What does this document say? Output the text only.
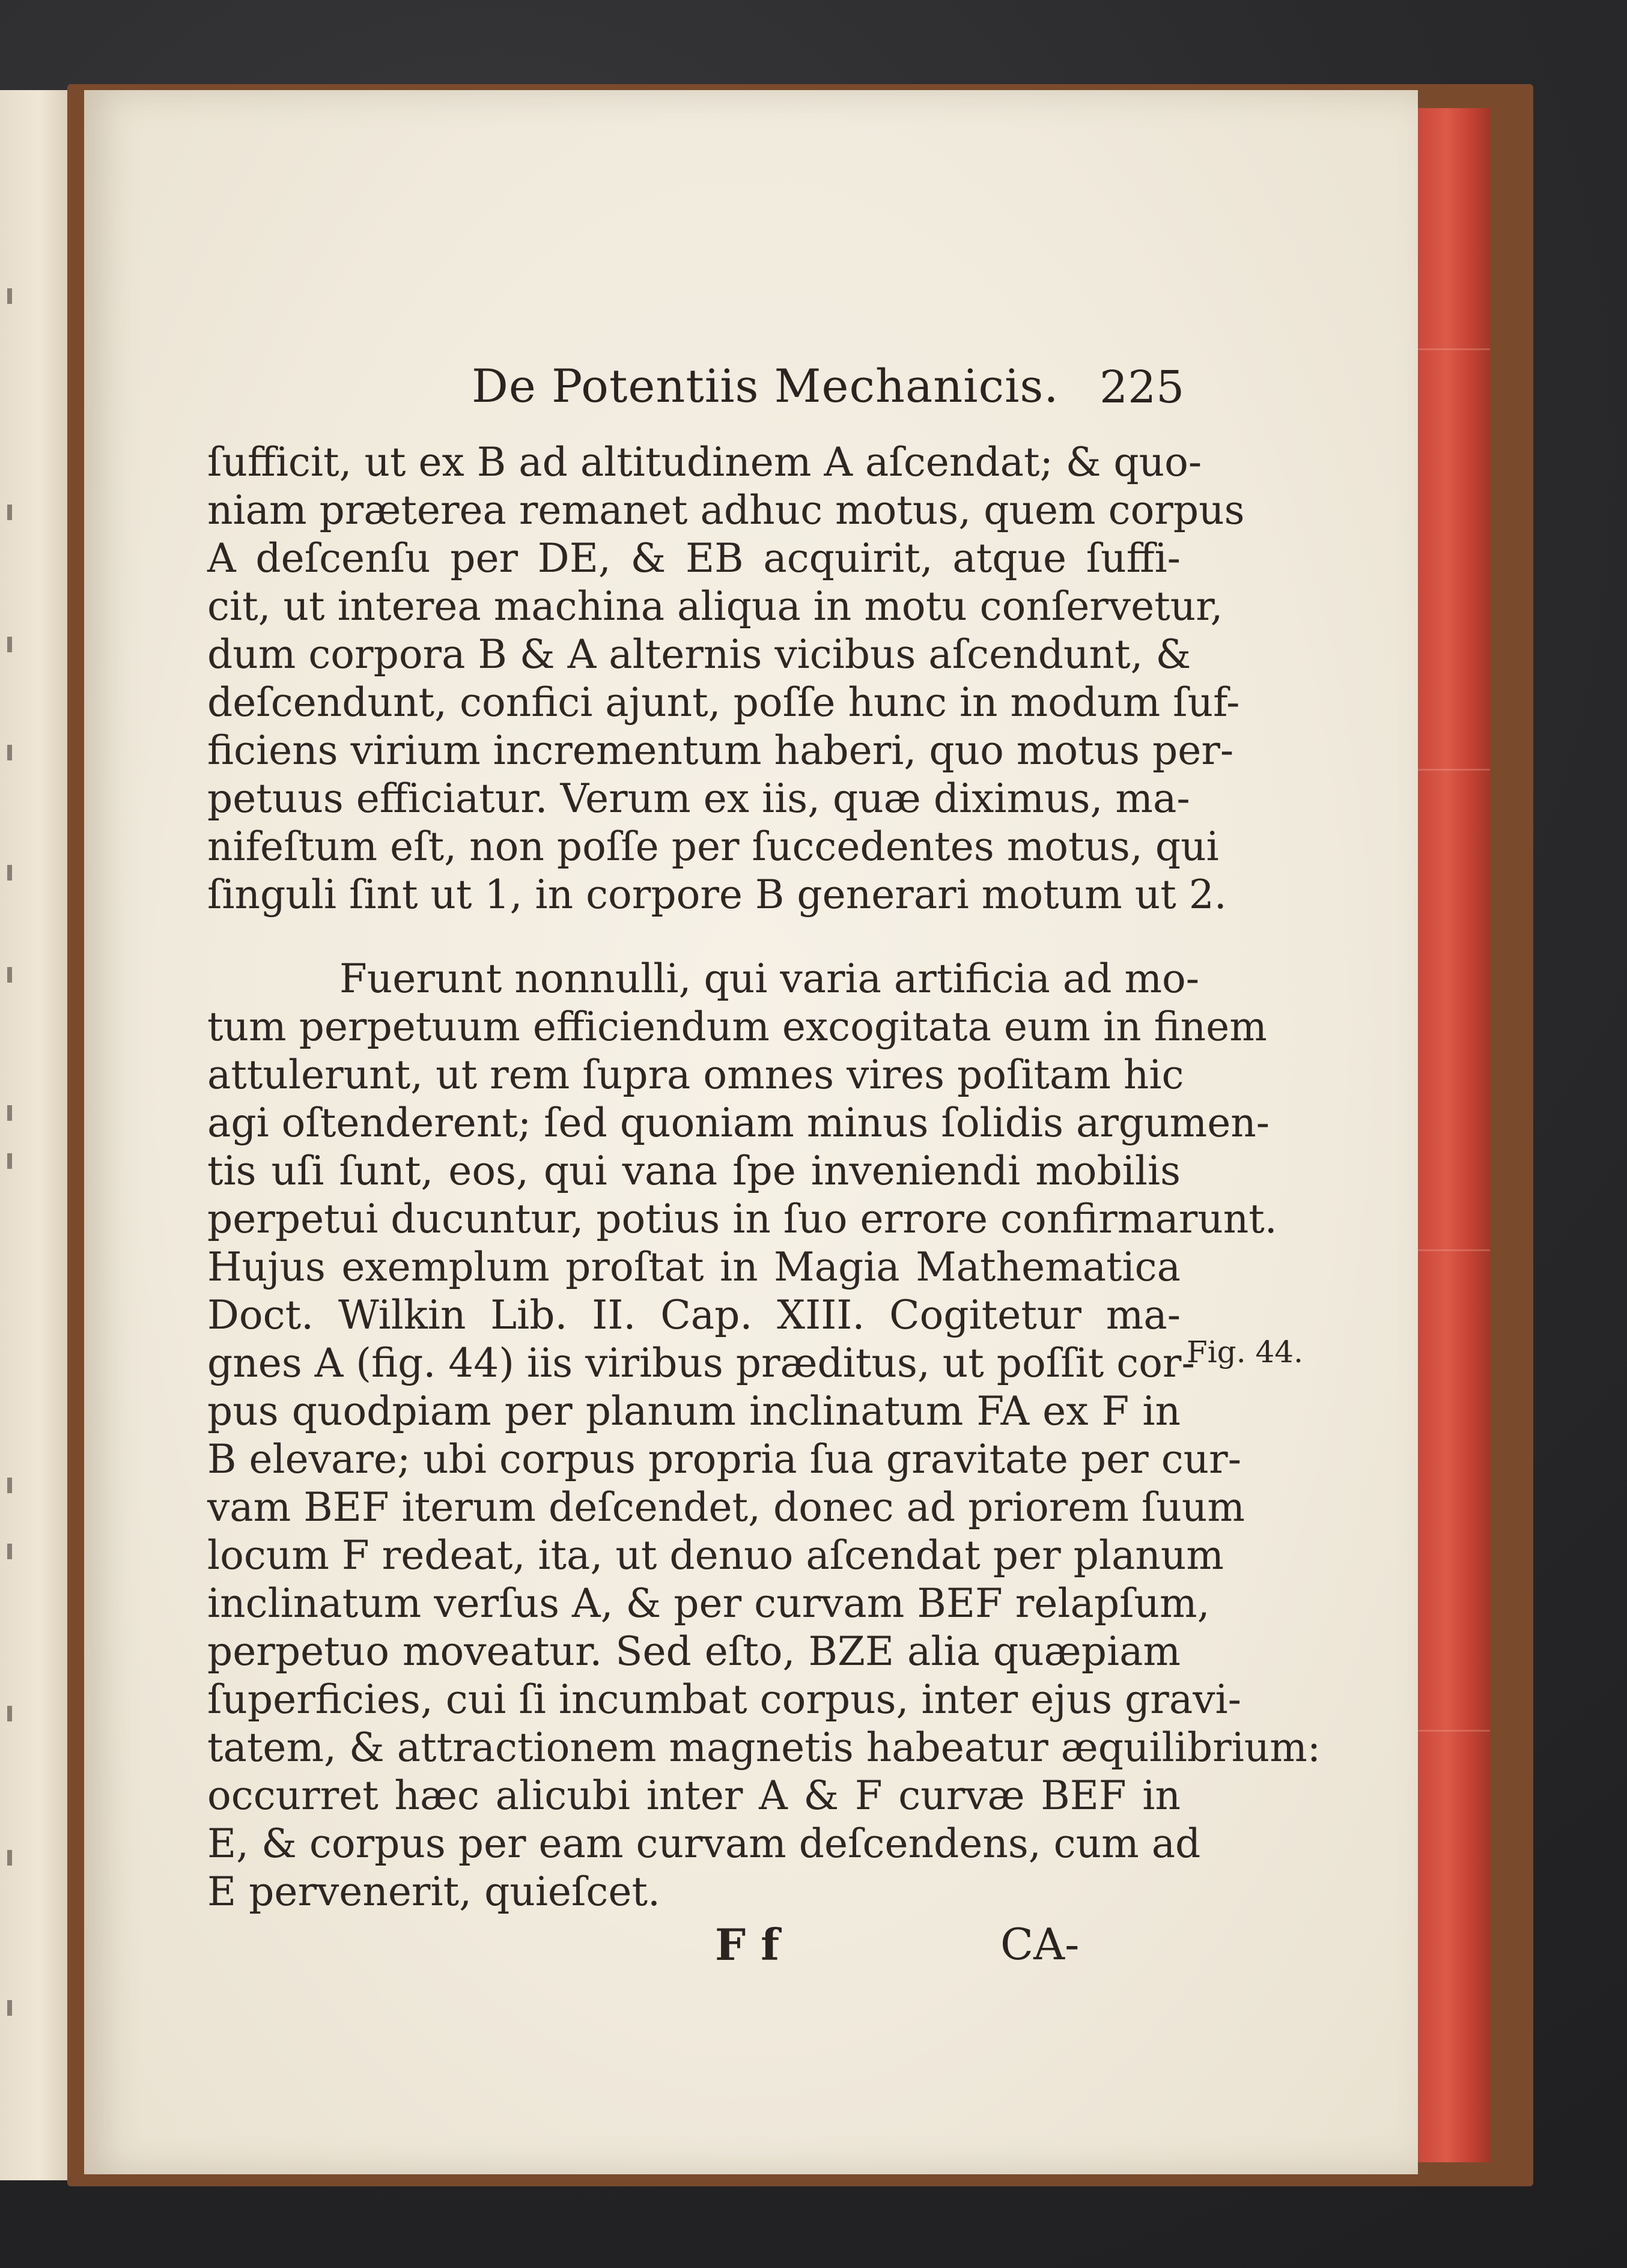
De Potentiis Mechanicis. 225
ſufficit, ut ex B ad altitudinem A aſcendat; & quo-
niam præterea remanet adhuc motus, quem corpus
A deſcenſu per DE, & EB acquirit, atque ſuffi-
cit, ut interea machina aliqua in motu conſervetur,
dum corpora B & A alternis vicibus aſcendunt, &
deſcendunt, confici ajunt, poſſe hunc in modum ſuf-
ficiens virium incrementum haberi, quo motus per-
petuus efficiatur. Verum ex iis, quæ diximus, ma-
nifeſtum eſt, non poſſe per ſuccedentes motus, qui
ſinguli ſint ut 1, in corpore B generari motum ut 2.
Fuerunt nonnulli, qui varia artificia ad mo-
tum perpetuum efficiendum excogitata eum in finem
attulerunt, ut rem ſupra omnes vires poſitam hic
agi oſtenderent; ſed quoniam minus ſolidis argumen-
tis uſi ſunt, eos, qui vana ſpe inveniendi mobilis
perpetui ducuntur, potius in ſuo errore confirmarunt.
Hujus exemplum proſtat in Magia Mathematica
Doct. Wilkin Lib. II. Cap. XIII. Cogitetur ma-
gnes A (fig. 44) iis viribus præditus, ut poſſit cor-
pus quodpiam per planum inclinatum FA ex F in
B elevare; ubi corpus propria ſua gravitate per cur-
vam BEF iterum deſcendet, donec ad priorem ſuum
locum F redeat, ita, ut denuo aſcendat per planum
inclinatum verſus A, & per curvam BEF relapſum,
perpetuo moveatur. Sed eſto, BZE alia quæpiam
ſuperficies, cui ſi incumbat corpus, inter ejus gravi-
tatem, & attractionem magnetis habeatur æquilibrium:
occurret hæc alicubi inter A & F curvæ BEF in
E, & corpus per eam curvam deſcendens, cum ad
E pervenerit, quieſcet.
Fig. 44.
F f	CA-
